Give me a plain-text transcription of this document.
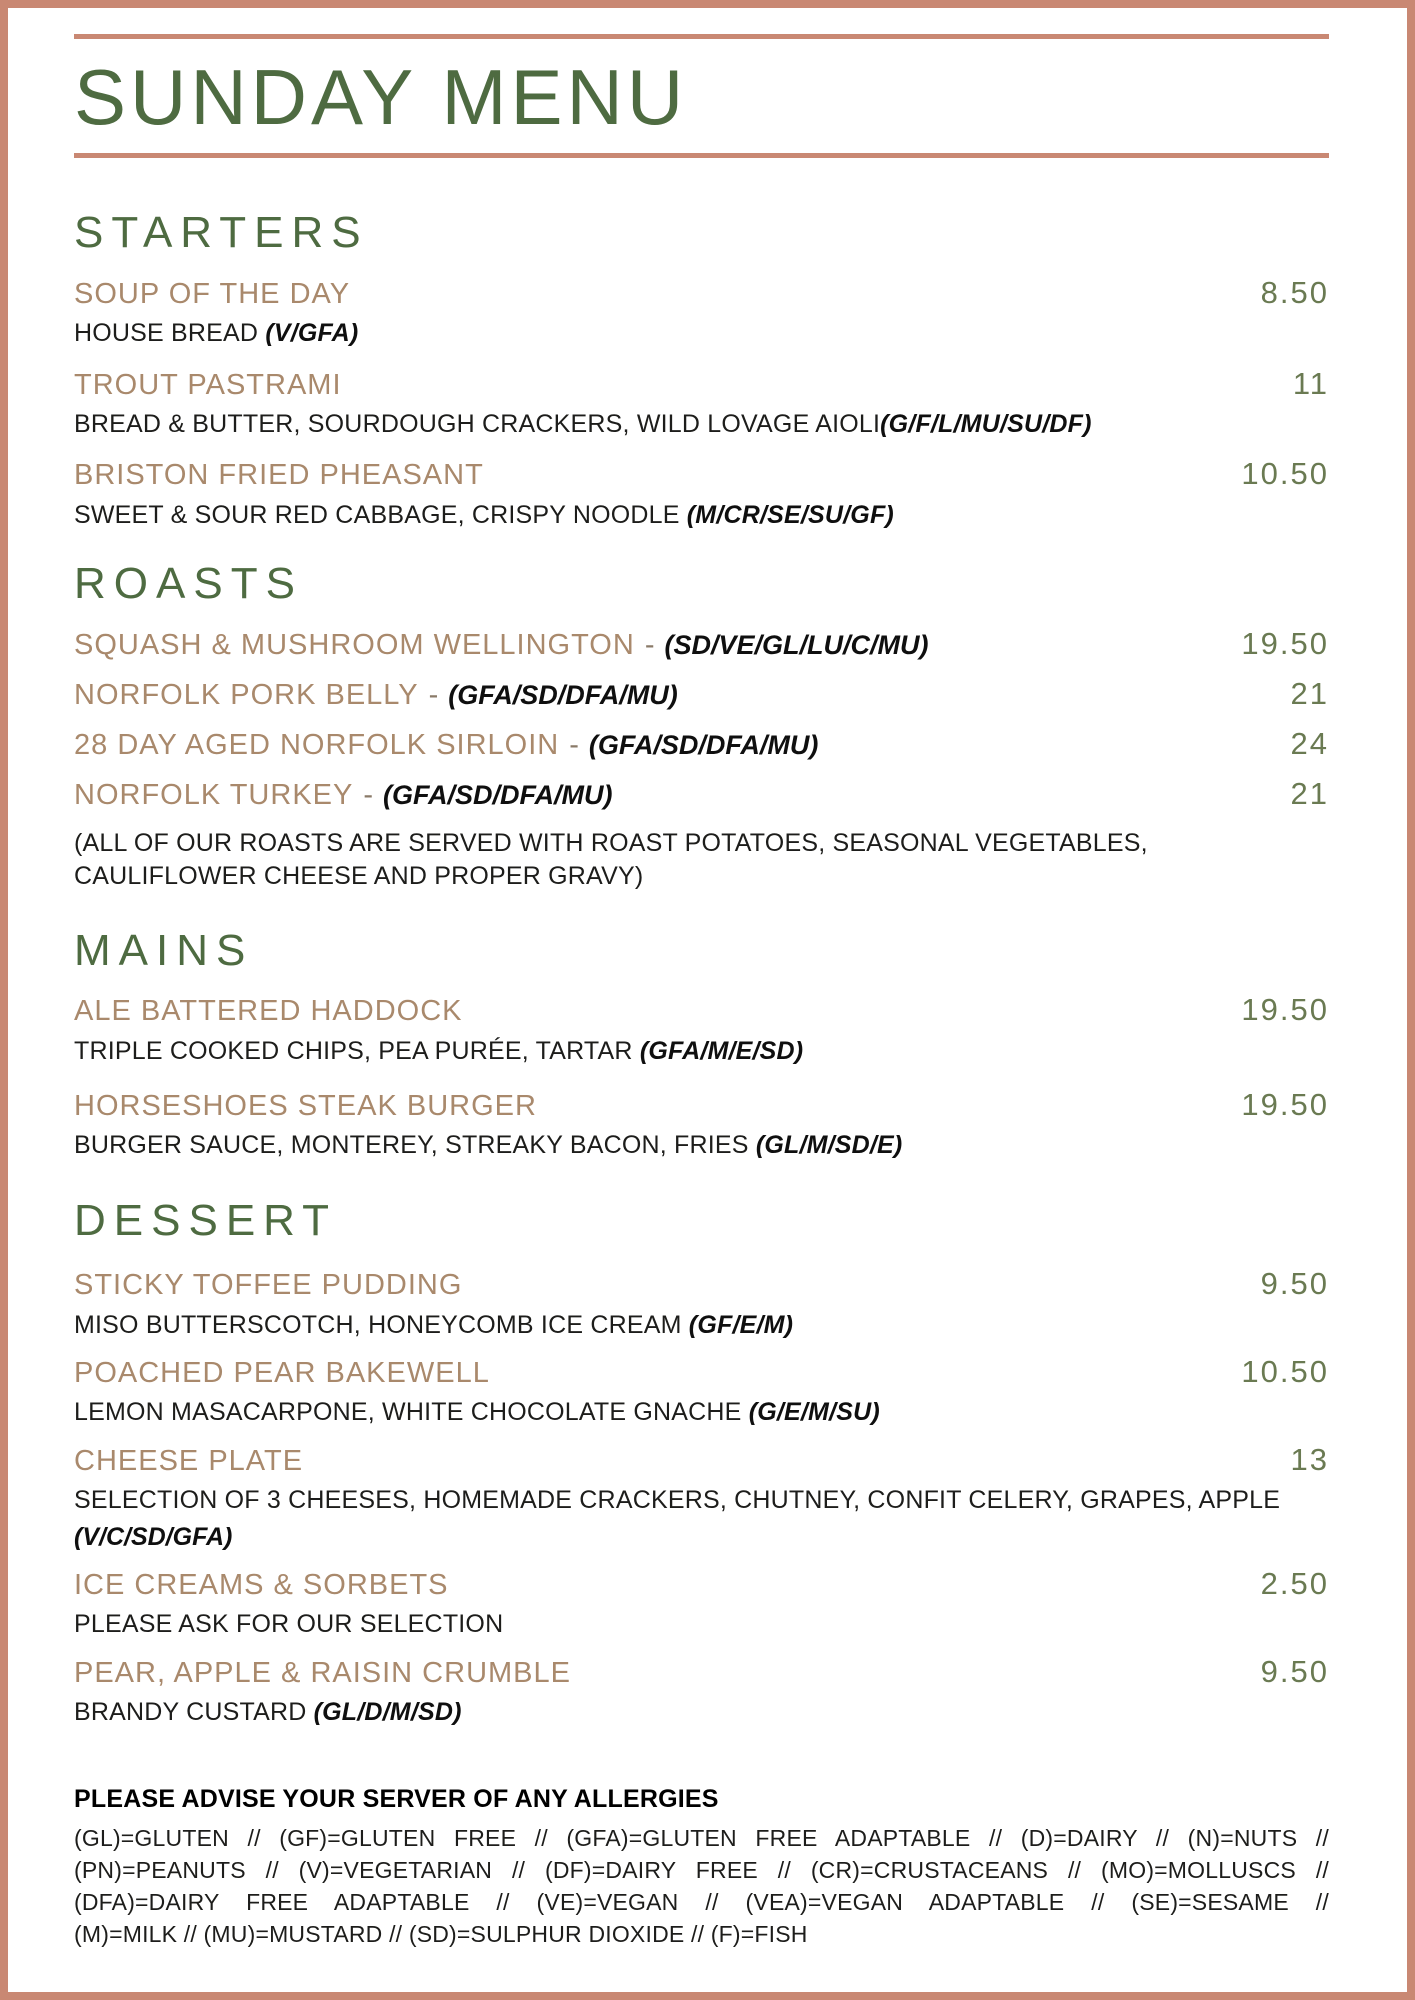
SUNDAY MENU
STARTERS
SOUP OF THE DAY	8.50
HOUSE BREAD (V/GFA)
TROUT PASTRAMI	11
BREAD & BUTTER, SOURDOUGH CRACKERS, WILD LOVAGE AIOLI(G/F/L/MU/SU/DF)
BRISTON FRIED PHEASANT	10.50
SWEET & SOUR RED CABBAGE, CRISPY NOODLE (M/CR/SE/SU/GF)
ROASTS
SQUASH & MUSHROOM WELLINGTON - (SD/VE/GL/LU/C/MU)	19.50
NORFOLK PORK BELLY - (GFA/SD/DFA/MU)	21
28 DAY AGED NORFOLK SIRLOIN - (GFA/SD/DFA/MU)	24
NORFOLK TURKEY - (GFA/SD/DFA/MU)	21
(ALL OF OUR ROASTS ARE SERVED WITH ROAST POTATOES, SEASONAL VEGETABLES, CAULIFLOWER CHEESE AND PROPER GRAVY)
MAINS
ALE BATTERED HADDOCK	19.50
TRIPLE COOKED CHIPS, PEA PURÉE, TARTAR (GFA/M/E/SD)
HORSESHOES STEAK BURGER	19.50
BURGER SAUCE, MONTEREY, STREAKY BACON, FRIES (GL/M/SD/E)
DESSERT
STICKY TOFFEE PUDDING	9.50
MISO BUTTERSCOTCH, HONEYCOMB ICE CREAM (GF/E/M)
POACHED PEAR BAKEWELL	10.50
LEMON MASACARPONE, WHITE CHOCOLATE GNACHE (G/E/M/SU)
CHEESE PLATE	13
SELECTION OF 3 CHEESES, HOMEMADE CRACKERS, CHUTNEY, CONFIT CELERY, GRAPES, APPLE
(V/C/SD/GFA)
ICE CREAMS & SORBETS	2.50
PLEASE ASK FOR OUR SELECTION
PEAR, APPLE & RAISIN CRUMBLE	9.50
BRANDY CUSTARD (GL/D/M/SD)
PLEASE ADVISE YOUR SERVER OF ANY ALLERGIES
(GL)=GLUTEN // (GF)=GLUTEN FREE // (GFA)=GLUTEN FREE ADAPTABLE // (D)=DAIRY // (N)=NUTS //
(PN)=PEANUTS // (V)=VEGETARIAN // (DF)=DAIRY FREE // (CR)=CRUSTACEANS // (MO)=MOLLUSCS //
(DFA)=DAIRY FREE ADAPTABLE // (VE)=VEGAN // (VEA)=VEGAN ADAPTABLE // (SE)=SESAME //
(M)=MILK // (MU)=MUSTARD // (SD)=SULPHUR DIOXIDE // (F)=FISH
